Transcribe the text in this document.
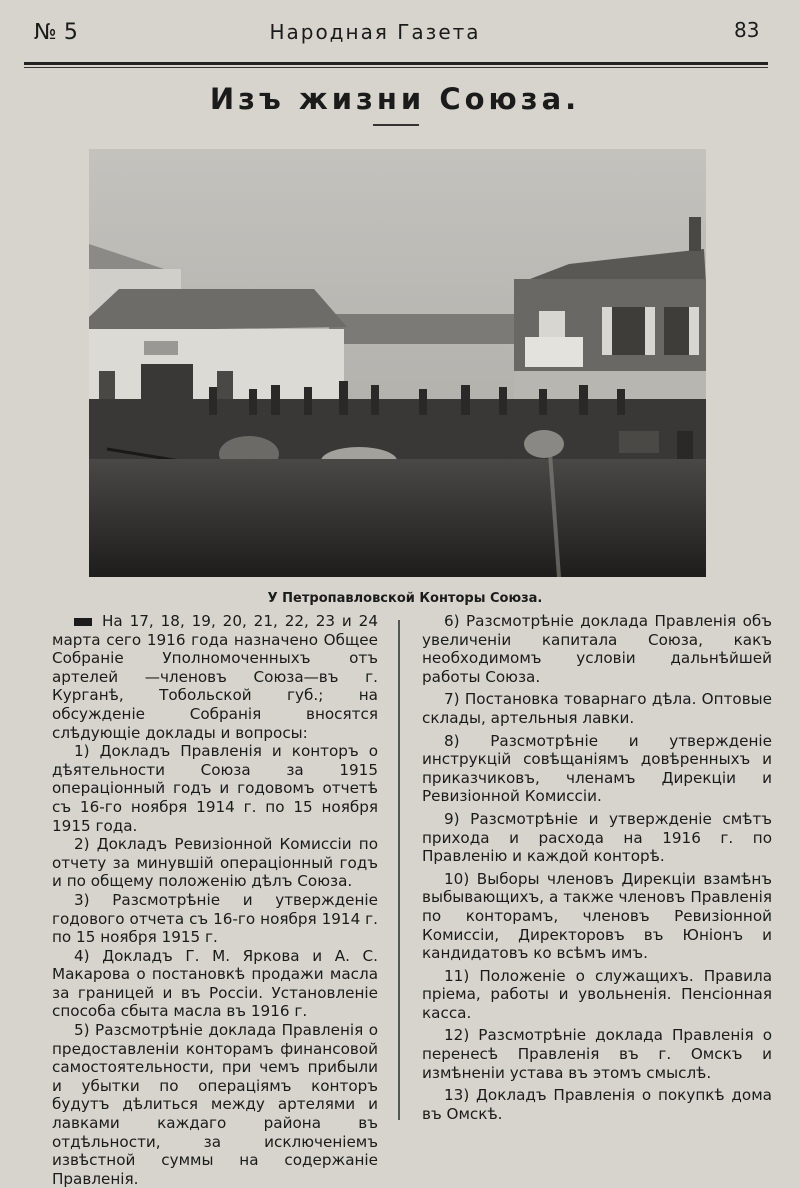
№ 5	Народная Газета	83
Изъ жизни Союза.
У Петропавловской Конторы Союза.

На 17, 18, 19, 20, 21, 22, 23 и 24 марта сего 1916 года назначено Общее Собраніе Уполномоченныхъ отъ артелей —членовъ Союза—въ г. Курганѣ, Тобольской губ.; на обсужденіе Собранія вносятся слѣдующіе доклады и вопросы:

1) Докладъ Правленія и конторъ о дѣятельности Союза за 1915 операціонный годъ и годовомъ отчетѣ съ 16-го ноября 1914 г. по 15 ноября 1915 года.

2) Докладъ Ревизіонной Комиссіи по отчету за минувшій операціонный годъ и по общему положенію дѣлъ Союза.

3) Разсмотрѣніе и утвержденіе годового отчета съ 16-го ноября 1914 г. по 15 ноября 1915 г.

4) Докладъ Г. М. Яркова и А. С. Макарова о постановкѣ продажи масла за границей и въ Россіи. Установленіе способа сбыта масла въ 1916 г.

5) Разсмотрѣніе доклада Правленія о предоставленіи конторамъ финансовой самостоятельности, при чемъ прибыли и убытки по операціямъ конторъ будутъ дѣлиться между артелями и лавками каждаго района въ отдѣльности, за исключеніемъ извѣстной суммы на содержаніе Правленія.

6) Разсмотрѣніе доклада Правленія объ увеличеніи капитала Союза, какъ необходимомъ условіи дальнѣйшей работы Союза.

7) Постановка товарнаго дѣла. Оптовые склады, артельныя лавки.

8) Разсмотрѣніе и утвержденіе инструкцій совѣщаніямъ довѣренныхъ и приказчиковъ, членамъ Дирекціи и Ревизіонной Комиссіи.

9) Разсмотрѣніе и утвержденіе смѣтъ прихода и расхода на 1916 г. по Правленію и каждой конторѣ.

10) Выборы членовъ Дирекціи взамѣнъ выбывающихъ, а также членовъ Правленія по конторамъ, членовъ Ревизіонной Комиссіи, Директоровъ въ Юніонъ и кандидатовъ ко всѣмъ имъ.

11) Положеніе о служащихъ. Правила пріема, работы и увольненія. Пенсіонная касса.

12) Разсмотрѣніе доклада Правленія о перенесѣ Правленія въ г. Омскъ и измѣненіи устава въ этомъ смыслѣ.

13) Докладъ Правленія о покупкѣ дома въ Омскѣ.
